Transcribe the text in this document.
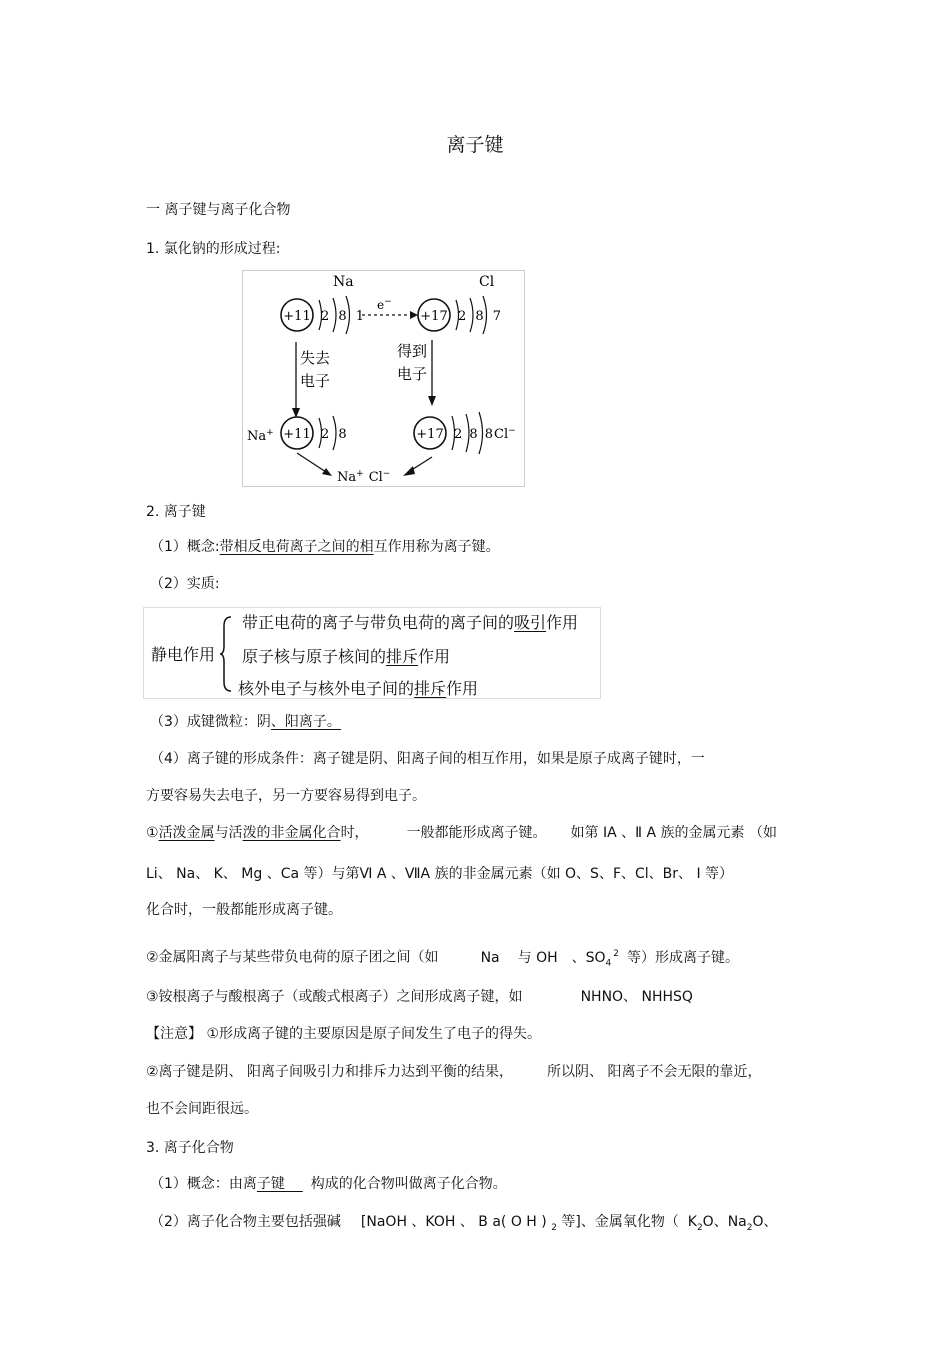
离子键
一 离子键与离子化合物
1. 氯化钠的形成过程:
Na	Cl
+11 2 8 1
e−
+17 2 8 7
失去
电子
得到
电子
Na+ +11 2 8	+17 2 8 8 Cl−
Na+ Cl−
2. 离子键
（1）概念:带相反电荷离子之间的相互作用称为离子键。
（2）实质:
静电作用
带正电荷的离子与带负电荷的离子间的吸引作用
原子核与原子核间的排斥作用
核外电子与核外电子间的排斥作用
（3）成键微粒：阴、阳离子。
（4）离子键的形成条件：离子键是阴、阳离子间的相互作用，如果是原子成离子键时，一
方要容易失去电子，另一方要容易得到电子。
①活泼金属与活泼的非金属化合时，	一般都能形成离子键。 如第 IA 、Ⅱ A 族的金属元素 （如
Li、 Na、 K、 Mg 、Ca 等）与第Ⅵ A 、ⅦA 族的非金属元素（如 O、S、F、Cl、Br、 I 等）
化合时，一般都能形成离子键。
②金属阳离子与某些带负电荷的原子团之间（如	Na 与 OH 、$SO_4^2$ 等）形成离子键。
③铵根离子与酸根离子（或酸式根离子）之间形成离子键，如	NHNO、 NHHSQ
【注意】 ①形成离子键的主要原因是原子间发生了电子的得失。
②离子键是阴、 阳离子间吸引力和排斥力达到平衡的结果， 所以阴、 阳离子不会无限的靠近，
也不会间距很远。
3. 离子化合物
（1）概念：由离子键    构成的化合物叫做离子化合物。
（2）离子化合物主要包括强碱 [NaOH 、KOH 、 B a( O H ) $_2$ 等]、金属氧化物（  $K_2O$、$Na_2O$、
